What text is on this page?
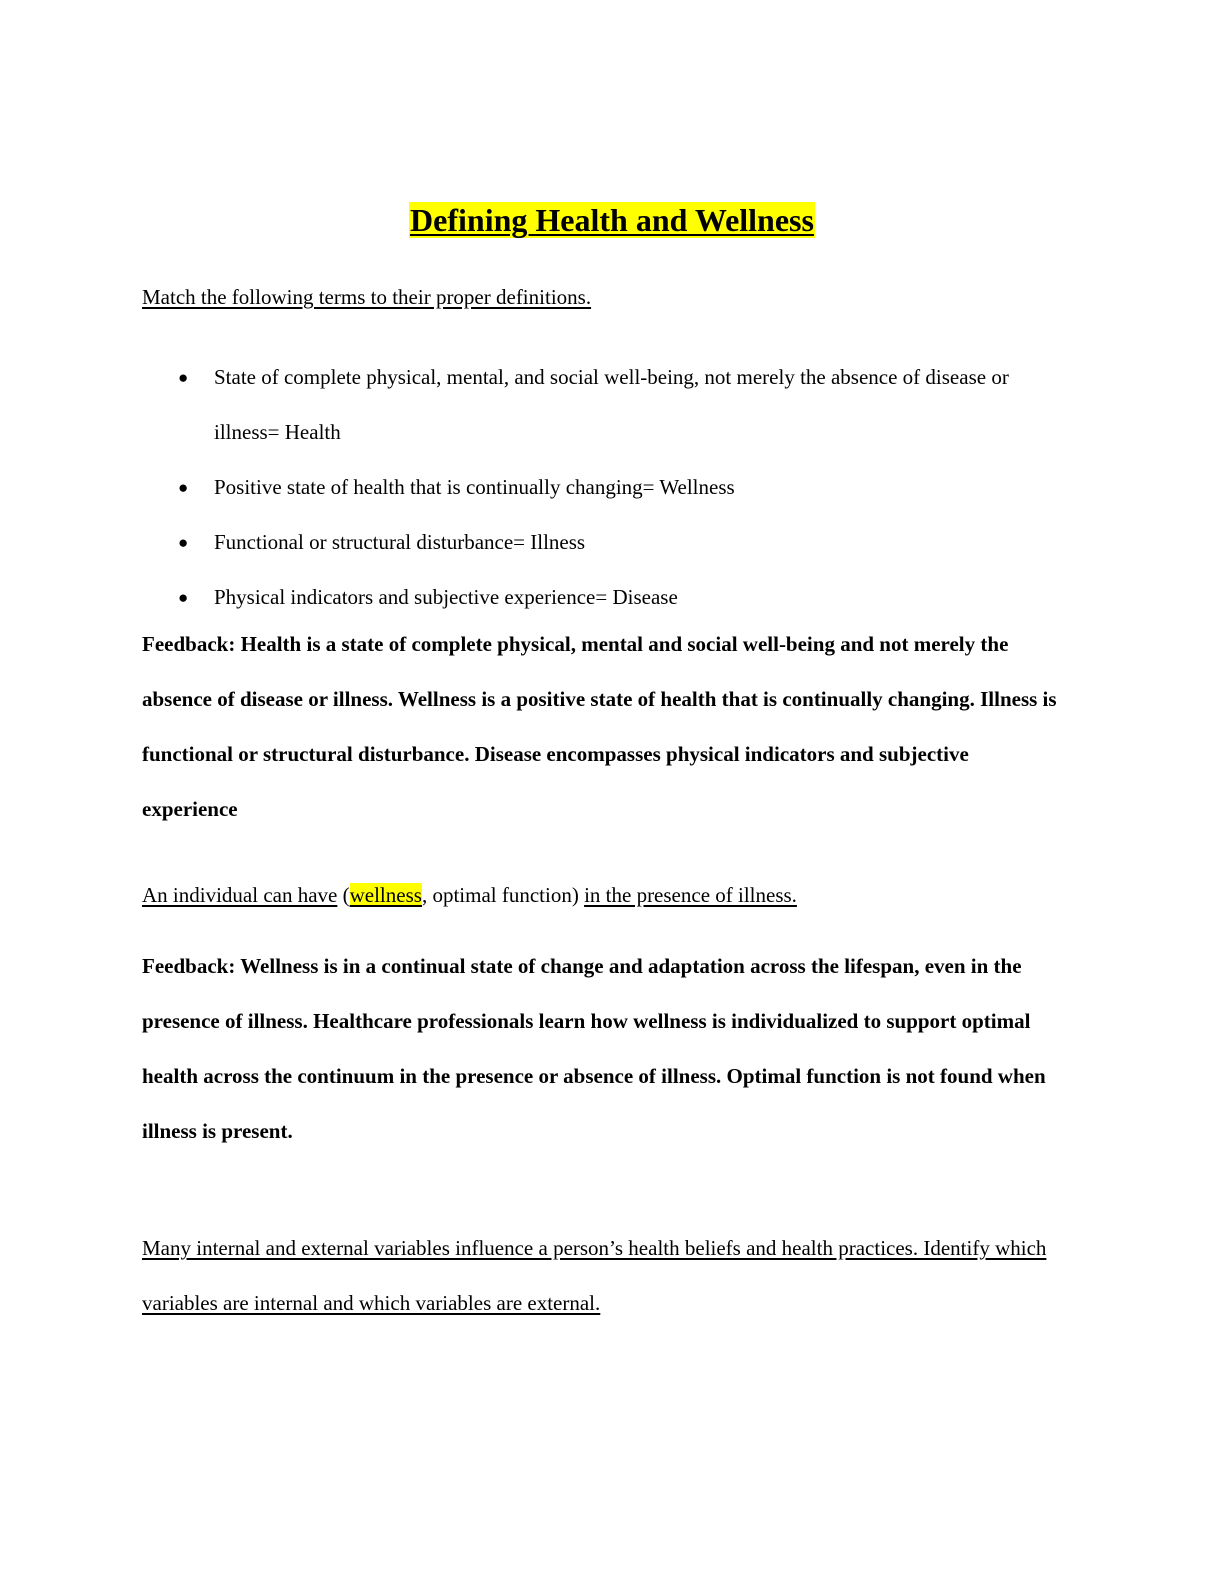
Defining Health and Wellness
Match the following terms to their proper definitions.
● State of complete physical, mental, and social well-being, not merely the absence of disease or illness= Health
● Positive state of health that is continually changing= Wellness
● Functional or structural disturbance= Illness
● Physical indicators and subjective experience= Disease
Feedback: Health is a state of complete physical, mental and social well-being and not merely the absence of disease or illness. Wellness is a positive state of health that is continually changing. Illness is functional or structural disturbance. Disease encompasses physical indicators and subjective experience
An individual can have (wellness, optimal function) in the presence of illness.
Feedback: Wellness is in a continual state of change and adaptation across the lifespan, even in the presence of illness. Healthcare professionals learn how wellness is individualized to support optimal health across the continuum in the presence or absence of illness. Optimal function is not found when illness is present.
Many internal and external variables influence a person’s health beliefs and health practices. Identify which variables are internal and which variables are external.
